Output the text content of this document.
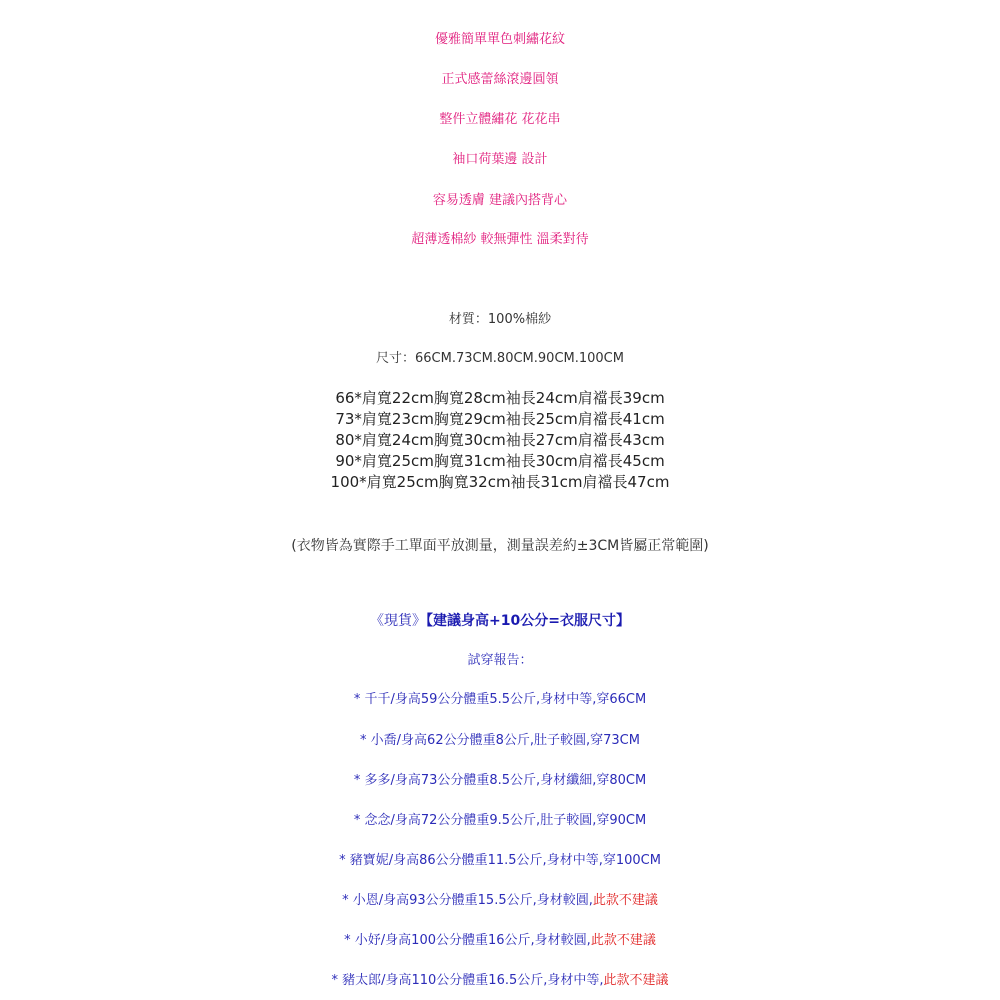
優雅簡單單色刺繡花紋
正式感蕾絲滾邊圓領
整件立體繡花 花花串
袖口荷葉邊 設計
容易透膚 建議內搭背心
超薄透棉紗 較無彈性 溫柔對待
材質：100%棉紗
尺寸：66CM.73CM.80CM.90CM.100CM
66*肩寬22cm胸寬28cm袖長24cm肩襠長39cm
73*肩寬23cm胸寬29cm袖長25cm肩襠長41cm
80*肩寬24cm胸寬30cm袖長27cm肩襠長43cm
90*肩寬25cm胸寬31cm袖長30cm肩襠長45cm
100*肩寬25cm胸寬32cm袖長31cm肩襠長47cm
(衣物皆為實際手工單面平放測量，測量誤差約±3CM皆屬正常範圍)
《現貨》【建議身高+10公分=衣服尺寸】
試穿報告：
* 千千/身高59公分體重5.5公斤,身材中等,穿66CM
* 小喬/身高62公分體重8公斤,肚子較圓,穿73CM
* 多多/身高73公分體重8.5公斤,身材纖細,穿80CM
* 念念/身高72公分體重9.5公斤,肚子較圓,穿90CM
* 豬寶妮/身高86公分體重11.5公斤,身材中等,穿100CM
* 小恩/身高93公分體重15.5公斤,身材較圓,此款不建議
* 小妤/身高100公分體重16公斤,身材較圓,此款不建議
* 豬太郎/身高110公分體重16.5公斤,身材中等,此款不建議
